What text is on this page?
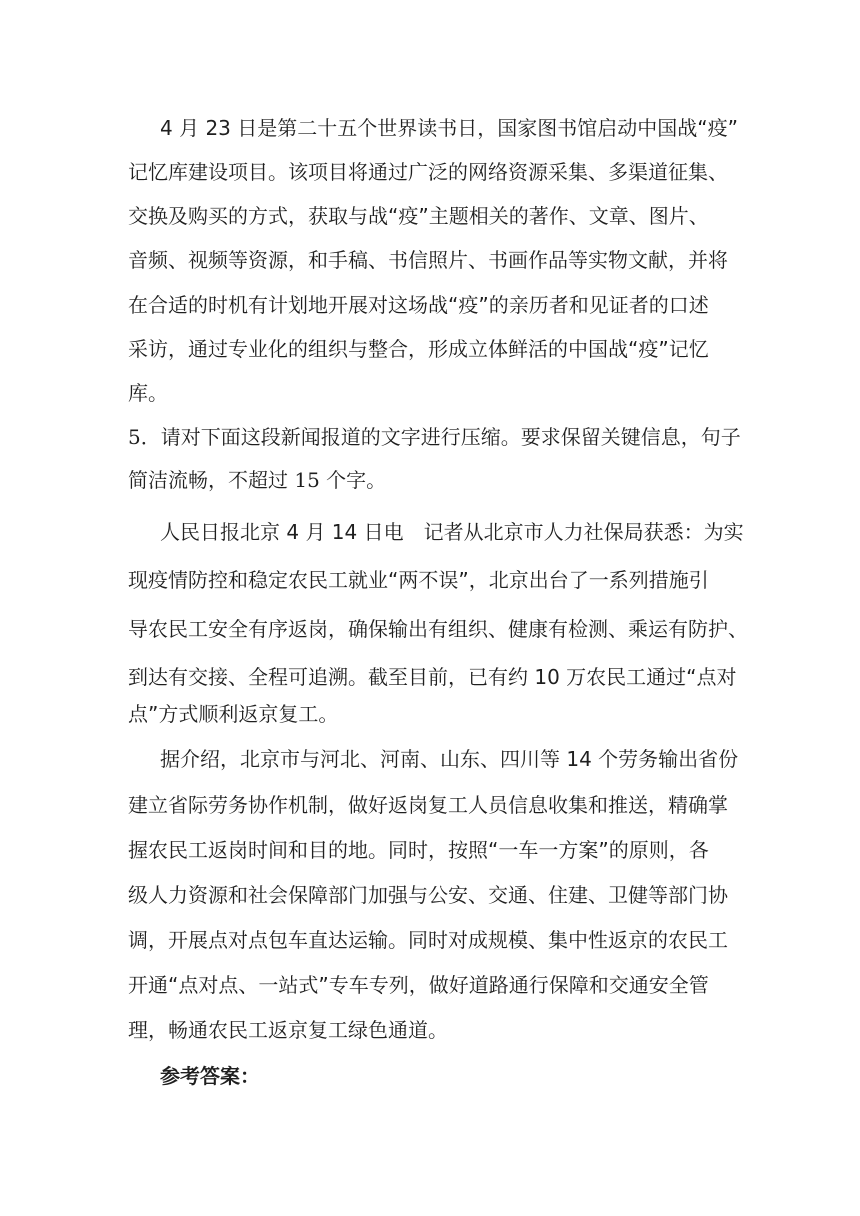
4 月 23 日是第二十五个世界读书日，国家图书馆启动中国战“疫”
记忆库建设项目。该项目将通过广泛的网络资源采集、多渠道征集、
交换及购买的方式，获取与战“疫”主题相关的著作、文章、图片、
音频、视频等资源，和手稿、书信照片、书画作品等实物文献，并将
在合适的时机有计划地开展对这场战“疫”的亲历者和见证者的口述
采访，通过专业化的组织与整合，形成立体鲜活的中国战“疫”记忆
库。
5．请对下面这段新闻报道的文字进行压缩。要求保留关键信息，句子
简洁流畅，不超过 15 个字。
人民日报北京 4 月 14 日电　记者从北京市人力社保局获悉：为实
现疫情防控和稳定农民工就业“两不误”，北京出台了一系列措施引
导农民工安全有序返岗，确保输出有组织、健康有检测、乘运有防护、
到达有交接、全程可追溯。截至目前，已有约 10 万农民工通过“点对
点”方式顺利返京复工。
据介绍，北京市与河北、河南、山东、四川等 14 个劳务输出省份
建立省际劳务协作机制，做好返岗复工人员信息收集和推送，精确掌
握农民工返岗时间和目的地。同时，按照“一车一方案”的原则，各
级人力资源和社会保障部门加强与公安、交通、住建、卫健等部门协
调，开展点对点包车直达运输。同时对成规模、集中性返京的农民工
开通“点对点、一站式”专车专列，做好道路通行保障和交通安全管
理，畅通农民工返京复工绿色通道。
参考答案：
